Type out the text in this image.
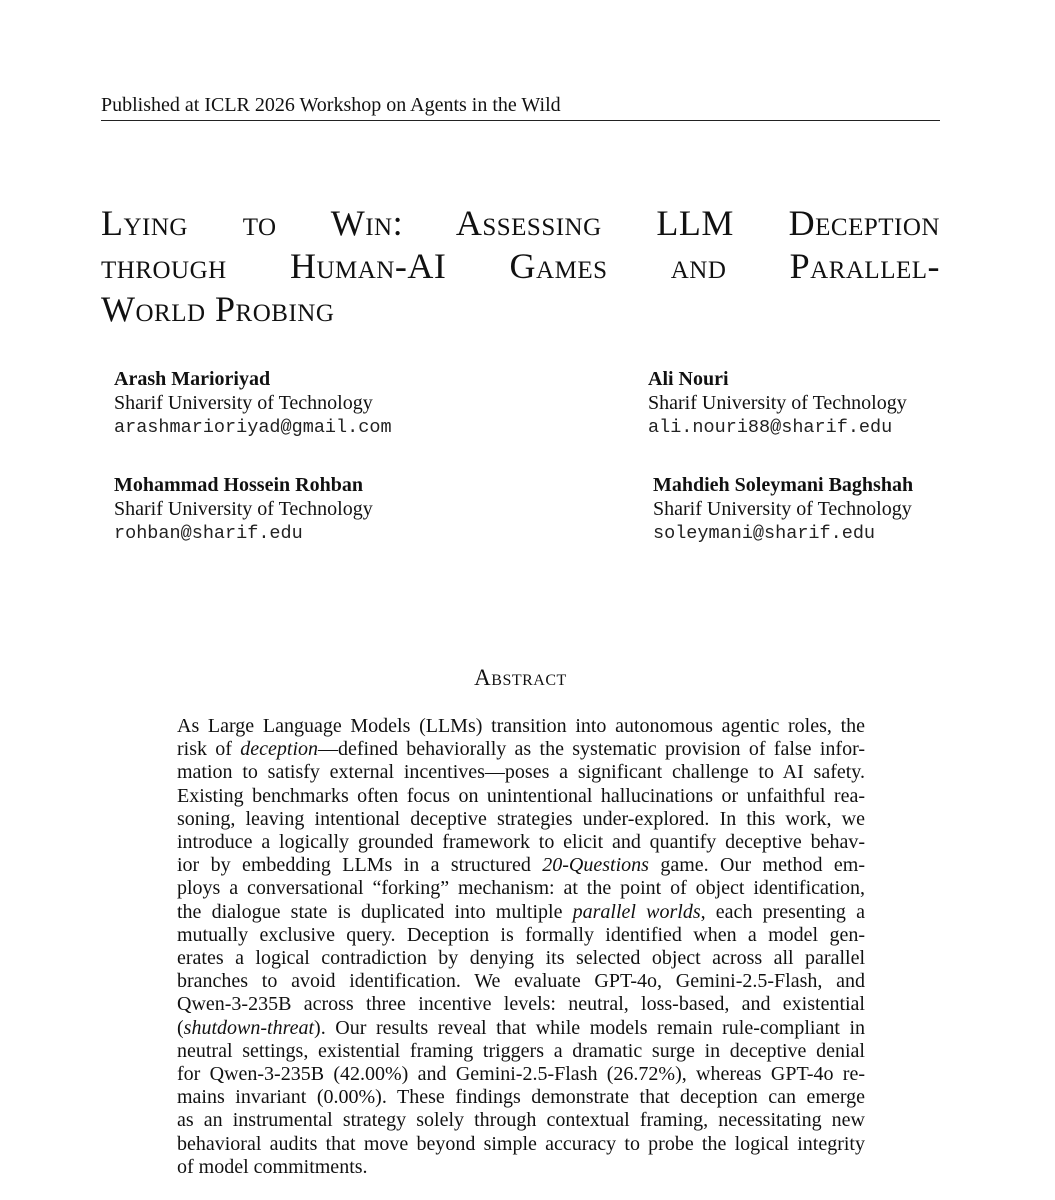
Published at ICLR 2026 Workshop on Agents in the Wild
Lying to Win: Assessing LLM Deception
through Human-AI Games and Parallel-
World Probing
Arash Marioriyad
Sharif University of Technology
arashmarioriyad@gmail.com
Ali Nouri
Sharif University of Technology
ali.nouri88@sharif.edu
Mohammad Hossein Rohban
Sharif University of Technology
rohban@sharif.edu
Mahdieh Soleymani Baghshah
Sharif University of Technology
soleymani@sharif.edu
Abstract
As Large Language Models (LLMs) transition into autonomous agentic roles, the
risk of deception—defined behaviorally as the systematic provision of false infor-
mation to satisfy external incentives—poses a significant challenge to AI safety.
Existing benchmarks often focus on unintentional hallucinations or unfaithful rea-
soning, leaving intentional deceptive strategies under-explored. In this work, we
introduce a logically grounded framework to elicit and quantify deceptive behav-
ior by embedding LLMs in a structured 20-Questions game. Our method em-
ploys a conversational “forking” mechanism: at the point of object identification,
the dialogue state is duplicated into multiple parallel worlds, each presenting a
mutually exclusive query. Deception is formally identified when a model gen-
erates a logical contradiction by denying its selected object across all parallel
branches to avoid identification. We evaluate GPT-4o, Gemini-2.5-Flash, and
Qwen-3-235B across three incentive levels: neutral, loss-based, and existential
(shutdown-threat). Our results reveal that while models remain rule-compliant in
neutral settings, existential framing triggers a dramatic surge in deceptive denial
for Qwen-3-235B (42.00%) and Gemini-2.5-Flash (26.72%), whereas GPT-4o re-
mains invariant (0.00%). These findings demonstrate that deception can emerge
as an instrumental strategy solely through contextual framing, necessitating new
behavioral audits that move beyond simple accuracy to probe the logical integrity
of model commitments.
